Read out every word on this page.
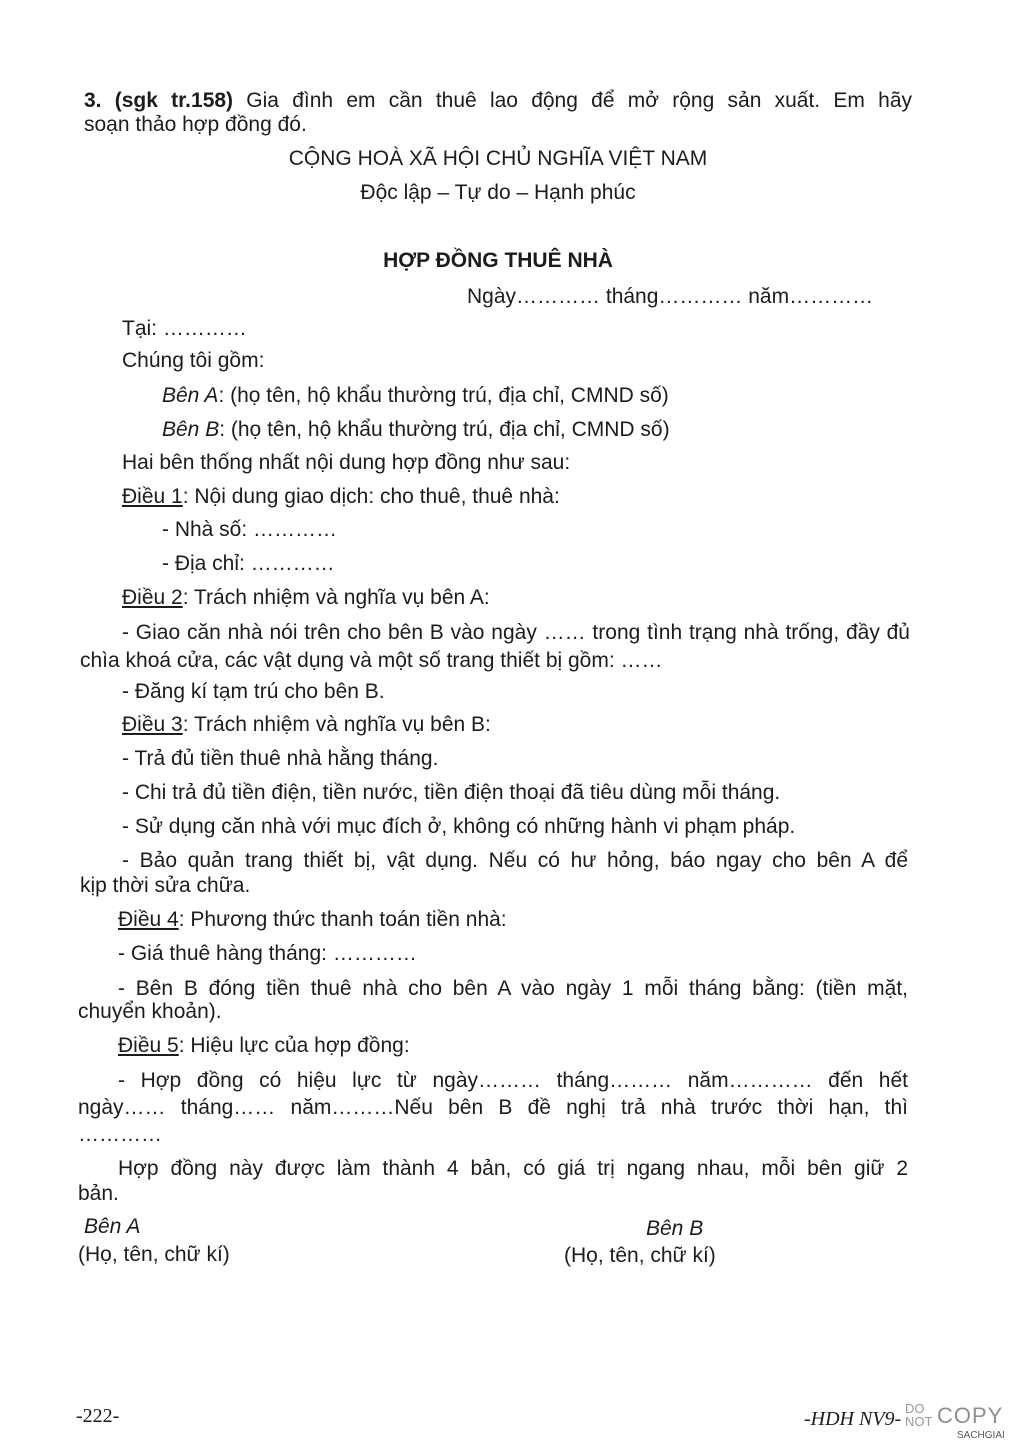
3. (sgk tr.158) Gia đình em cần thuê lao động để mở rộng sản xuất. Em hãy
soạn thảo hợp đồng đó.
CỘNG HOÀ XÃ HỘI CHỦ NGHĨA VIỆT NAM
Độc lập – Tự do – Hạnh phúc
HỢP ĐỒNG THUÊ NHÀ
Ngày………… tháng………… năm…………
Tại: …………
Chúng tôi gồm:
Bên A: (họ tên, hộ khẩu thường trú, địa chỉ, CMND số)
Bên B: (họ tên, hộ khẩu thường trú, địa chỉ, CMND số)
Hai bên thống nhất nội dung hợp đồng như sau:
Điều 1: Nội dung giao dịch: cho thuê, thuê nhà:
- Nhà số: …………
- Địa chỉ: …………
Điều 2: Trách nhiệm và nghĩa vụ bên A:
- Giao căn nhà nói trên cho bên B vào ngày …… trong tình trạng nhà trống, đầy đủ
chìa khoá cửa, các vật dụng và một số trang thiết bị gồm: ……
- Đăng kí tạm trú cho bên B.
Điều 3: Trách nhiệm và nghĩa vụ bên B:
- Trả đủ tiền thuê nhà hằng tháng.
- Chi trả đủ tiền điện, tiền nước, tiền điện thoại đã tiêu dùng mỗi tháng.
- Sử dụng căn nhà với mục đích ở, không có những hành vi phạm pháp.
- Bảo quản trang thiết bị, vật dụng. Nếu có hư hỏng, báo ngay cho bên A để
kịp thời sửa chữa.
Điều 4: Phương thức thanh toán tiền nhà:
- Giá thuê hàng tháng: …………
- Bên B đóng tiền thuê nhà cho bên A vào ngày 1 mỗi tháng bằng: (tiền mặt,
chuyển khoản).
Điều 5: Hiệu lực của hợp đồng:
- Hợp đồng có hiệu lực từ ngày……… tháng……… năm………… đến hết
ngày…… tháng…… năm………Nếu bên B đề nghị trả nhà trước thời hạn, thì
…………
Hợp đồng này được làm thành 4 bản, có giá trị ngang nhau, mỗi bên giữ 2
bản.
Bên A	Bên B
(Họ, tên, chữ kí)	(Họ, tên, chữ kí)
-222-	-HDH NV9- DO
NOT COPY
SACHGIAI
